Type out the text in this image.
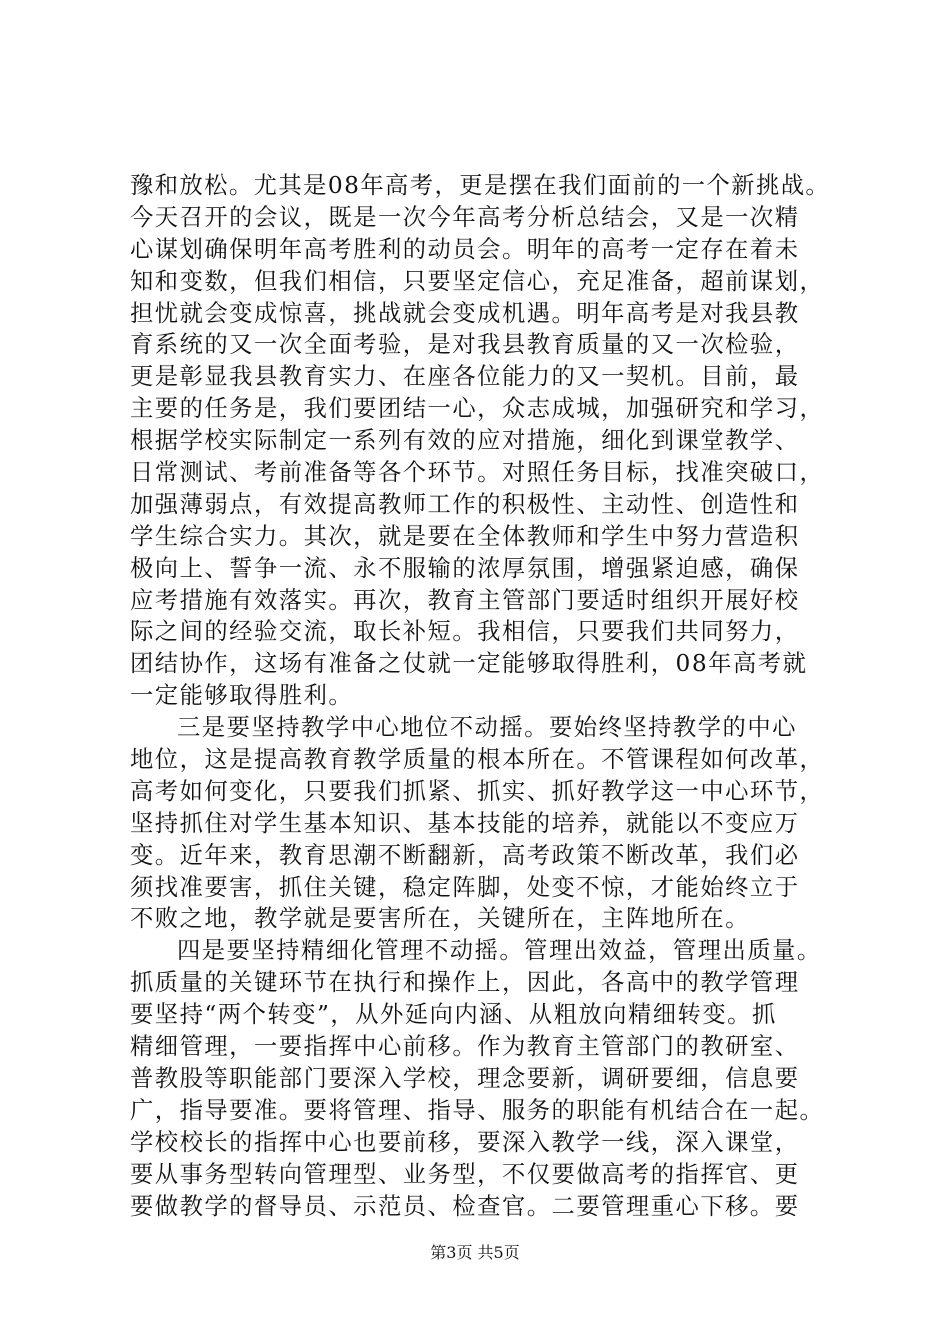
豫和放松。尤其是08年高考，更是摆在我们面前的一个新挑战。
今天召开的会议，既是一次今年高考分析总结会，又是一次精
心谋划确保明年高考胜利的动员会。明年的高考一定存在着未
知和变数，但我们相信，只要坚定信心，充足准备，超前谋划，
担忧就会变成惊喜，挑战就会变成机遇。明年高考是对我县教
育系统的又一次全面考验，是对我县教育质量的又一次检验，
更是彰显我县教育实力、在座各位能力的又一契机。目前，最
主要的任务是，我们要团结一心，众志成城，加强研究和学习，
根据学校实际制定一系列有效的应对措施，细化到课堂教学、
日常测试、考前准备等各个环节。对照任务目标，找准突破口，
加强薄弱点，有效提高教师工作的积极性、主动性、创造性和
学生综合实力。其次，就是要在全体教师和学生中努力营造积
极向上、誓争一流、永不服输的浓厚氛围，增强紧迫感，确保
应考措施有效落实。再次，教育主管部门要适时组织开展好校
际之间的经验交流，取长补短。我相信，只要我们共同努力，
团结协作，这场有准备之仗就一定能够取得胜利，08年高考就
一定能够取得胜利。
三是要坚持教学中心地位不动摇。要始终坚持教学的中心
地位，这是提高教育教学质量的根本所在。不管课程如何改革，
高考如何变化，只要我们抓紧、抓实、抓好教学这一中心环节，
坚持抓住对学生基本知识、基本技能的培养，就能以不变应万
变。近年来，教育思潮不断翻新，高考政策不断改革，我们必
须找准要害，抓住关键，稳定阵脚，处变不惊，才能始终立于
不败之地，教学就是要害所在，关键所在，主阵地所在。
四是要坚持精细化管理不动摇。管理出效益，管理出质量。
抓质量的关键环节在执行和操作上，因此，各高中的教学管理
要坚持“两个转变”，从外延向内涵、从粗放向精细转变。抓
精细管理，一要指挥中心前移。作为教育主管部门的教研室、
普教股等职能部门要深入学校，理念要新，调研要细，信息要
广，指导要准。要将管理、指导、服务的职能有机结合在一起。
学校校长的指挥中心也要前移，要深入教学一线，深入课堂，
要从事务型转向管理型、业务型，不仅要做高考的指挥官、更
要做教学的督导员、示范员、检查官。二要管理重心下移。要
第3页 共5页
